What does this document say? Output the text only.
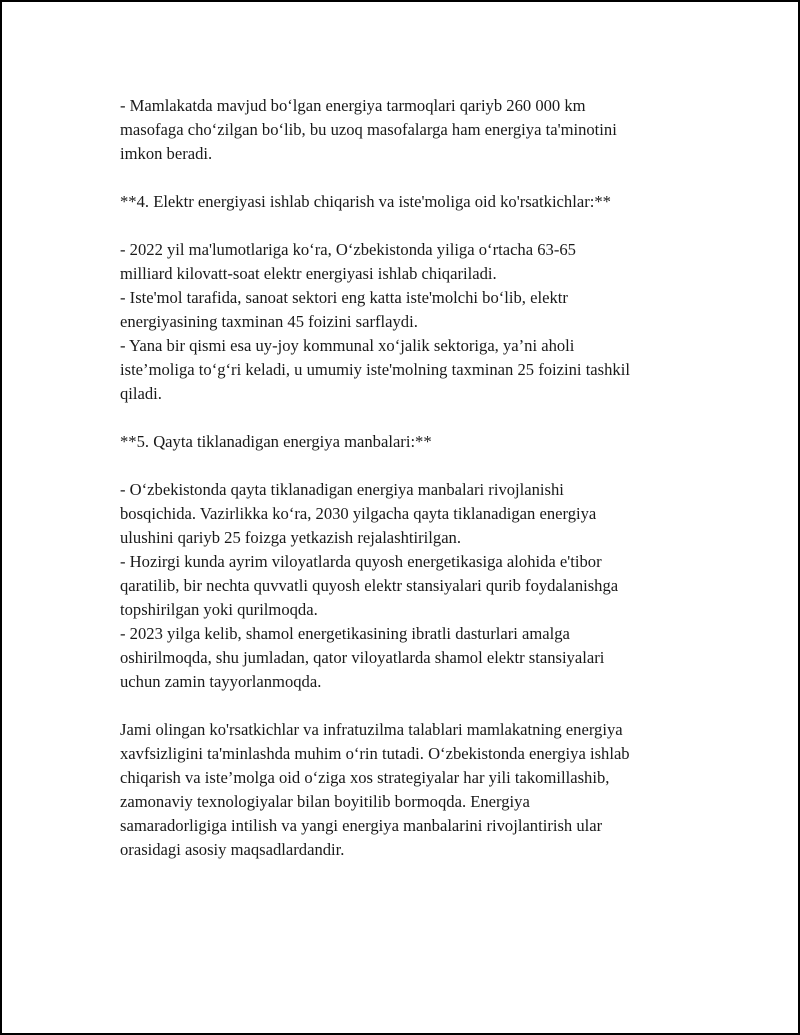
- Mamlakatda mavjud bo‘lgan energiya tarmoqlari qariyb 260 000 km
masofaga cho‘zilgan bo‘lib, bu uzoq masofalarga ham energiya ta'minotini
imkon beradi.

**4. Elektr energiyasi ishlab chiqarish va iste'moliga oid ko'rsatkichlar:**

- 2022 yil ma'lumotlariga ko‘ra, O‘zbekistonda yiliga o‘rtacha 63-65
milliard kilovatt-soat elektr energiyasi ishlab chiqariladi.
- Iste'mol tarafida, sanoat sektori eng katta iste'molchi bo‘lib, elektr
energiyasining taxminan 45 foizini sarflaydi.
- Yana bir qismi esa uy-joy kommunal xo‘jalik sektoriga, ya’ni aholi
iste’moliga to‘g‘ri keladi, u umumiy iste'molning taxminan 25 foizini tashkil
qiladi.

**5. Qayta tiklanadigan energiya manbalari:**

- O‘zbekistonda qayta tiklanadigan energiya manbalari rivojlanishi
bosqichida. Vazirlikka ko‘ra, 2030 yilgacha qayta tiklanadigan energiya
ulushini qariyb 25 foizga yetkazish rejalashtirilgan.
- Hozirgi kunda ayrim viloyatlarda quyosh energetikasiga alohida e'tibor
qaratilib, bir nechta quvvatli quyosh elektr stansiyalari qurib foydalanishga
topshirilgan yoki qurilmoqda.
- 2023 yilga kelib, shamol energetikasining ibratli dasturlari amalga
oshirilmoqda, shu jumladan, qator viloyatlarda shamol elektr stansiyalari
uchun zamin tayyorlanmoqda.

Jami olingan ko'rsatkichlar va infratuzilma talablari mamlakatning energiya
xavfsizligini ta'minlashda muhim o‘rin tutadi. O‘zbekistonda energiya ishlab
chiqarish va iste’molga oid o‘ziga xos strategiyalar har yili takomillashib,
zamonaviy texnologiyalar bilan boyitilib bormoqda. Energiya
samaradorligiga intilish va yangi energiya manbalarini rivojlantirish ular
orasidagi asosiy maqsadlardandir.
